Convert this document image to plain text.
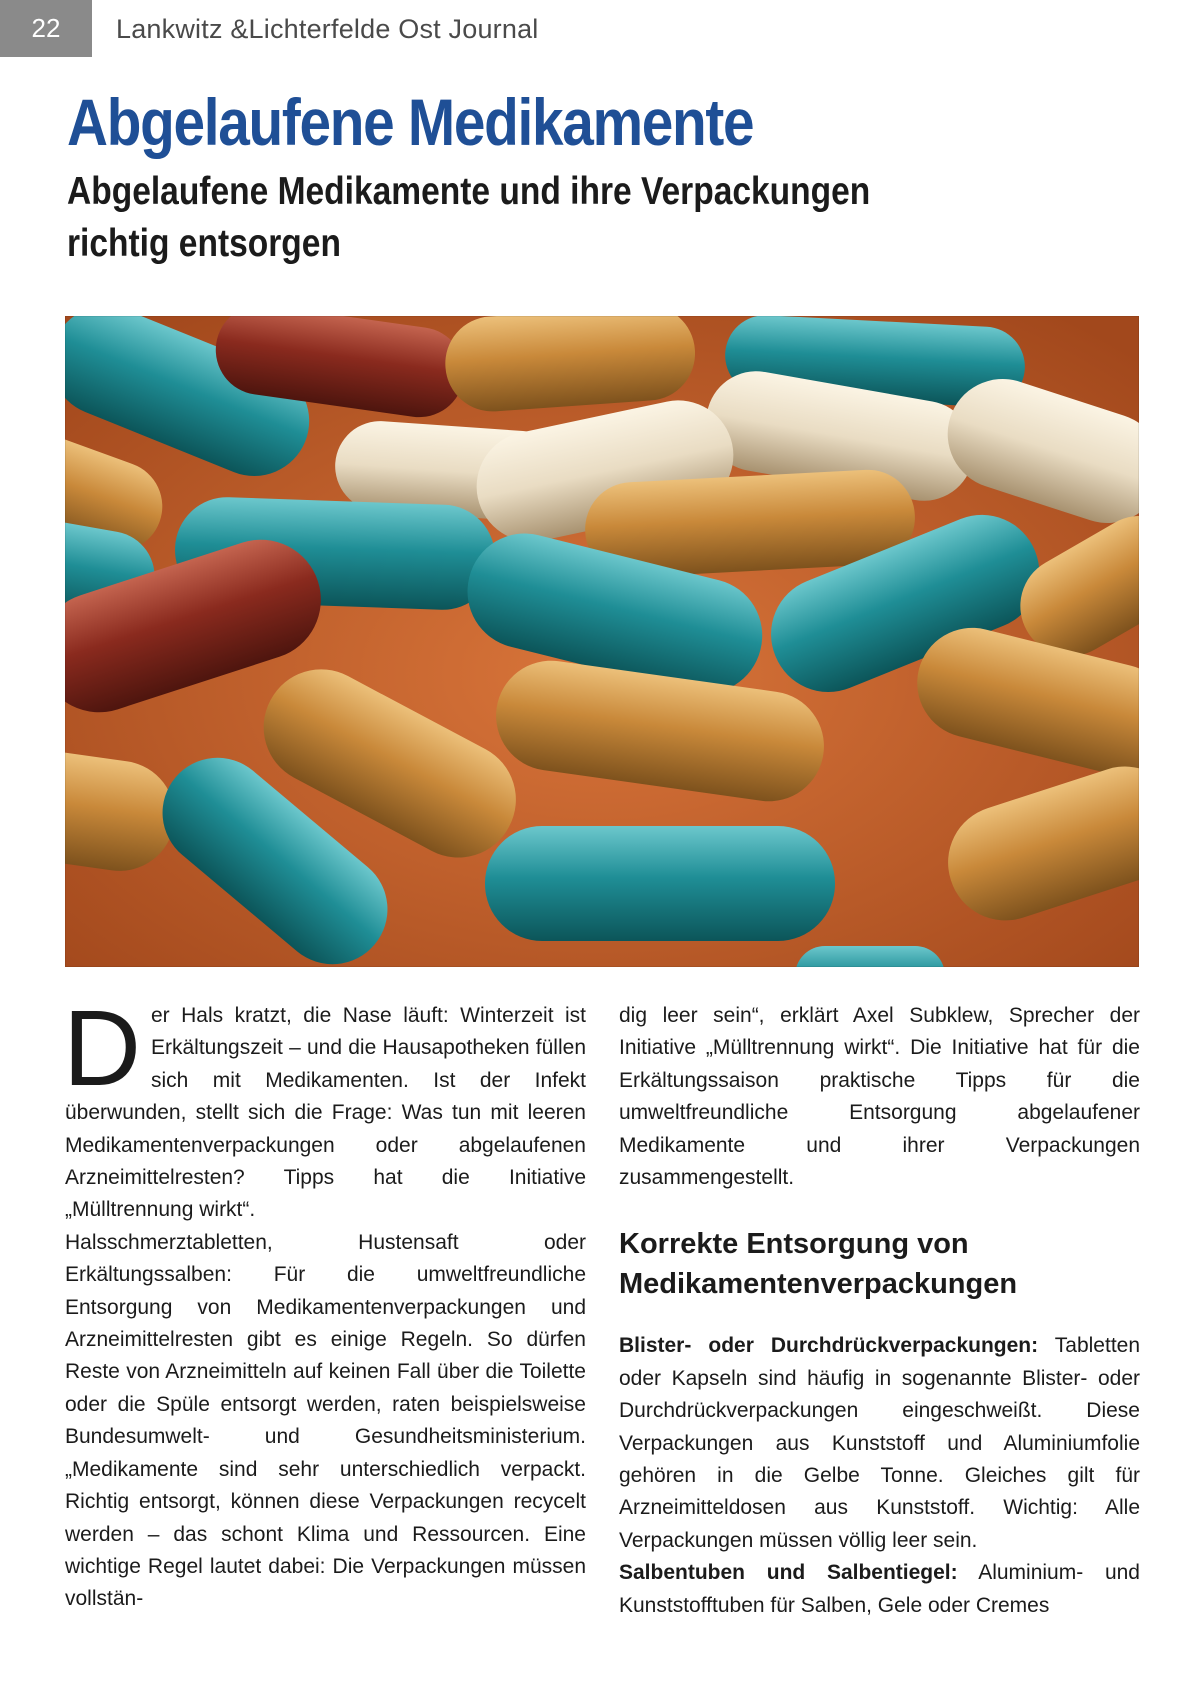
22	Lankwitz &Lichterfelde Ost Journal
Abgelaufene Medikamente
Abgelaufene Medikamente und ihre Verpackungen richtig entsorgen

Der Hals kratzt, die Nase läuft: Winterzeit ist Erkältungszeit – und die Hausapotheken füllen sich mit Medikamenten. Ist der Infekt überwunden, stellt sich die Frage: Was tun mit leeren Medikamentenverpackungen oder abgelaufenen Arzneimittelresten? Tipps hat die Initiative „Mülltrennung wirkt“.

Halsschmerztabletten, Hustensaft oder Erkältungssalben: Für die umweltfreundliche Entsorgung von Medikamentenverpackungen und Arzneimittelresten gibt es einige Regeln. So dürfen Reste von Arzneimitteln auf keinen Fall über die Toilette oder die Spüle entsorgt werden, raten beispielsweise Bundesumwelt- und Gesundheitsministerium. „Medikamente sind sehr unterschiedlich verpackt. Richtig entsorgt, können diese Verpackungen recycelt werden – das schont Klima und Ressourcen. Eine wichtige Regel lautet dabei: Die Verpackungen müssen vollstän-

dig leer sein“, erklärt Axel Subklew, Sprecher der Initiative „Mülltrennung wirkt“. Die Initiative hat für die Erkältungssaison praktische Tipps für die umweltfreundliche Entsorgung abgelaufener Medikamente und ihrer Verpackungen zusammengestellt.

Korrekte Entsorgung von Medikamentenverpackungen

Blister- oder Durchdrückverpackungen: Tabletten oder Kapseln sind häufig in sogenannte Blister- oder Durchdrückverpackungen eingeschweißt. Diese Verpackungen aus Kunststoff und Aluminiumfolie gehören in die Gelbe Tonne. Gleiches gilt für Arzneimitteldosen aus Kunststoff. Wichtig: Alle Verpackungen müssen völlig leer sein.

Salbentuben und Salbentiegel: Aluminium- und Kunststofftuben für Salben, Gele oder Cremes
